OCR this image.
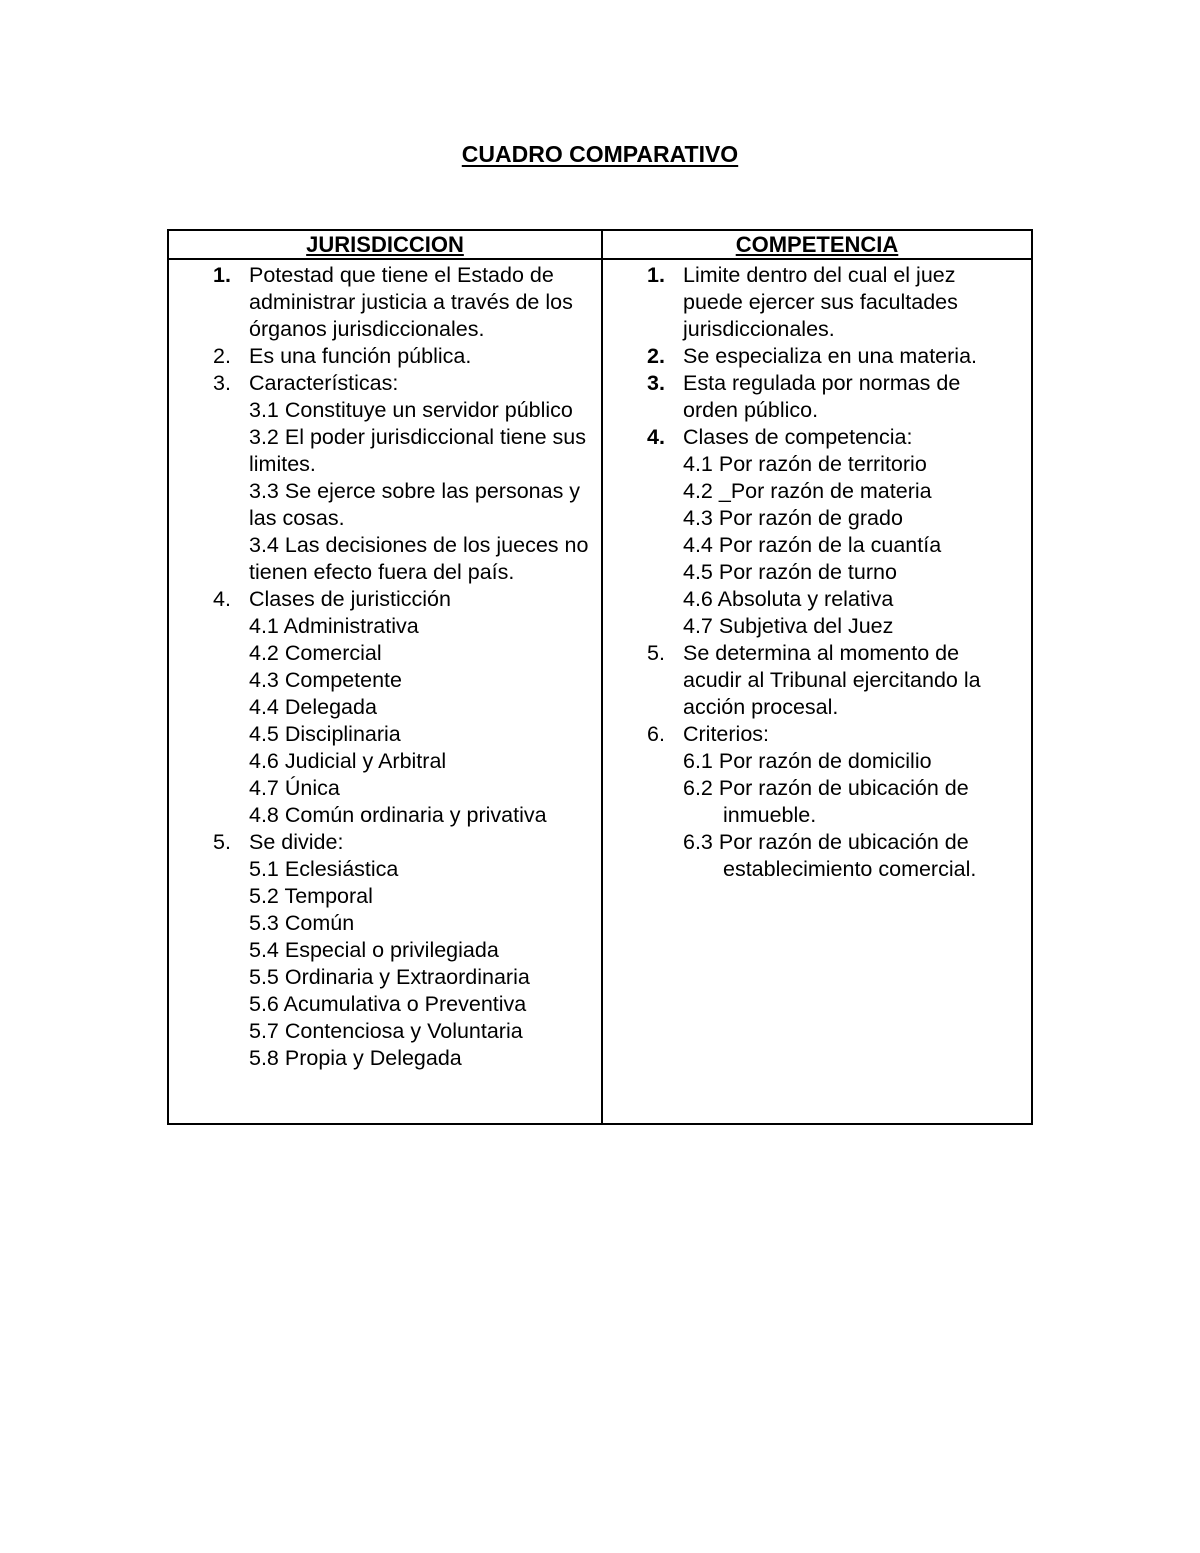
CUADRO COMPARATIVO
JURISDICCION
1. Potestad que tiene el Estado de administrar justicia a través de los órganos jurisdiccionales.
2. Es una función pública.
3. Características:
3.1 Constituye un servidor público
3.2 El poder jurisdiccional tiene sus limites.
3.3 Se ejerce sobre las personas y las cosas.
3.4 Las decisiones de los jueces no tienen efecto fuera del país.
4. Clases de juristicción
4.1 Administrativa
4.2 Comercial
4.3 Competente
4.4 Delegada
4.5 Disciplinaria
4.6 Judicial y Arbitral
4.7 Única
4.8 Común ordinaria y privativa
5. Se divide:
5.1 Eclesiástica
5.2 Temporal
5.3 Común
5.4 Especial o privilegiada
5.5 Ordinaria y Extraordinaria
5.6 Acumulativa o Preventiva
5.7 Contenciosa y Voluntaria
5.8 Propia y Delegada
COMPETENCIA
1. Limite dentro del cual el juez puede ejercer sus facultades jurisdiccionales.
2. Se especializa en una materia.
3. Esta regulada por normas de orden público.
4. Clases de competencia:
4.1 Por razón de territorio
4.2 _Por razón de materia
4.3 Por razón de grado
4.4 Por razón de la cuantía
4.5 Por razón de turno
4.6 Absoluta y relativa
4.7 Subjetiva del Juez
5. Se determina al momento de acudir al Tribunal ejercitando la acción procesal.
6. Criterios:
6.1 Por razón de domicilio
6.2 Por razón de ubicación de inmueble.
6.3 Por razón de ubicación de establecimiento comercial.
